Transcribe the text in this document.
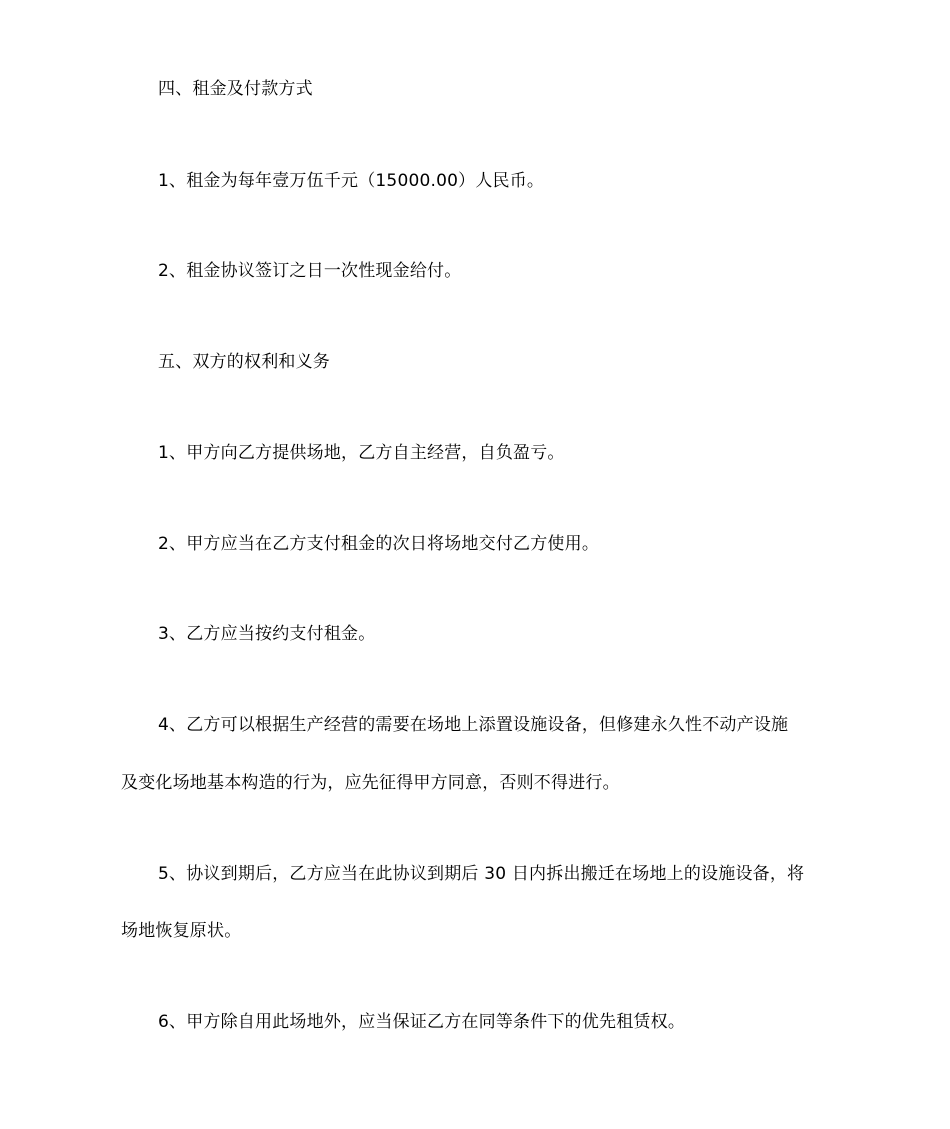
四、租金及付款方式
1、租金为每年壹万伍千元（15000.00）人民币。
2、租金协议签订之日一次性现金给付。
五、双方的权利和义务
1、甲方向乙方提供场地，乙方自主经营，自负盈亏。
2、甲方应当在乙方支付租金的次日将场地交付乙方使用。
3、乙方应当按约支付租金。
4、乙方可以根据生产经营的需要在场地上添置设施设备，但修建永久性不动产设施
及变化场地基本构造的行为，应先征得甲方同意，否则不得进行。
5、协议到期后，乙方应当在此协议到期后 30 日内拆出搬迁在场地上的设施设备，将
场地恢复原状。
6、甲方除自用此场地外，应当保证乙方在同等条件下的优先租赁权。
